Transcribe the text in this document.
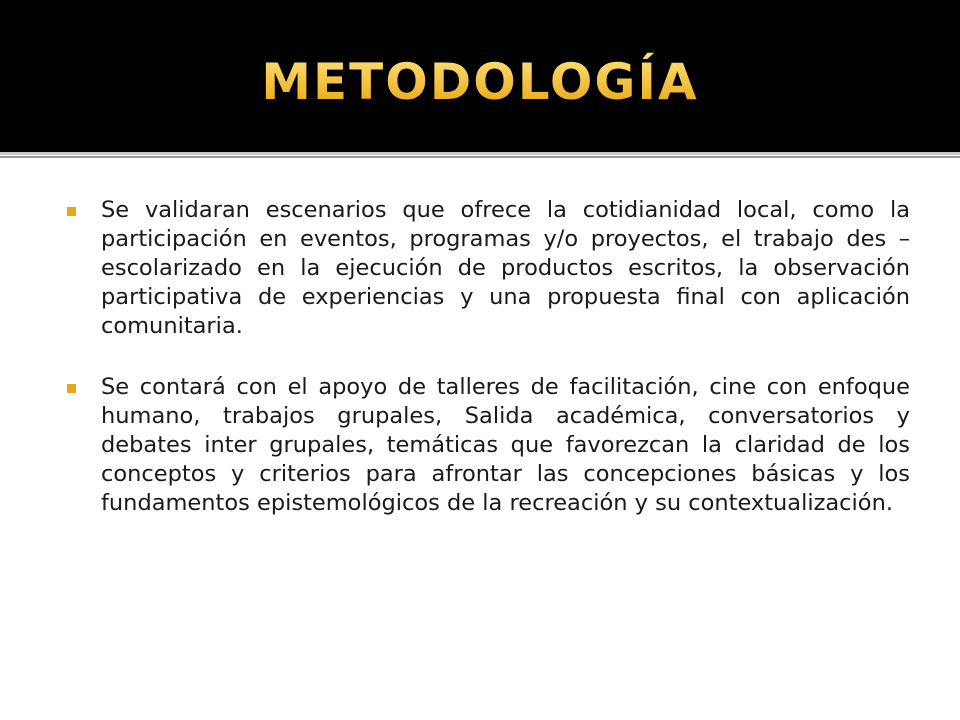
METODOLOGÍA

Se validaran escenarios que ofrece la cotidianidad local, como la participación en eventos, programas y/o proyectos, el trabajo des – escolarizado en la ejecución de productos escritos, la observación participativa de experiencias y una propuesta final con aplicación comunitaria.

Se contará con el apoyo de talleres de facilitación, cine con enfoque humano, trabajos grupales, Salida académica, conversatorios y debates inter grupales, temáticas que favorezcan la claridad de los conceptos y criterios para afrontar las concepciones básicas y los fundamentos epistemológicos de la recreación y su contextualización.
